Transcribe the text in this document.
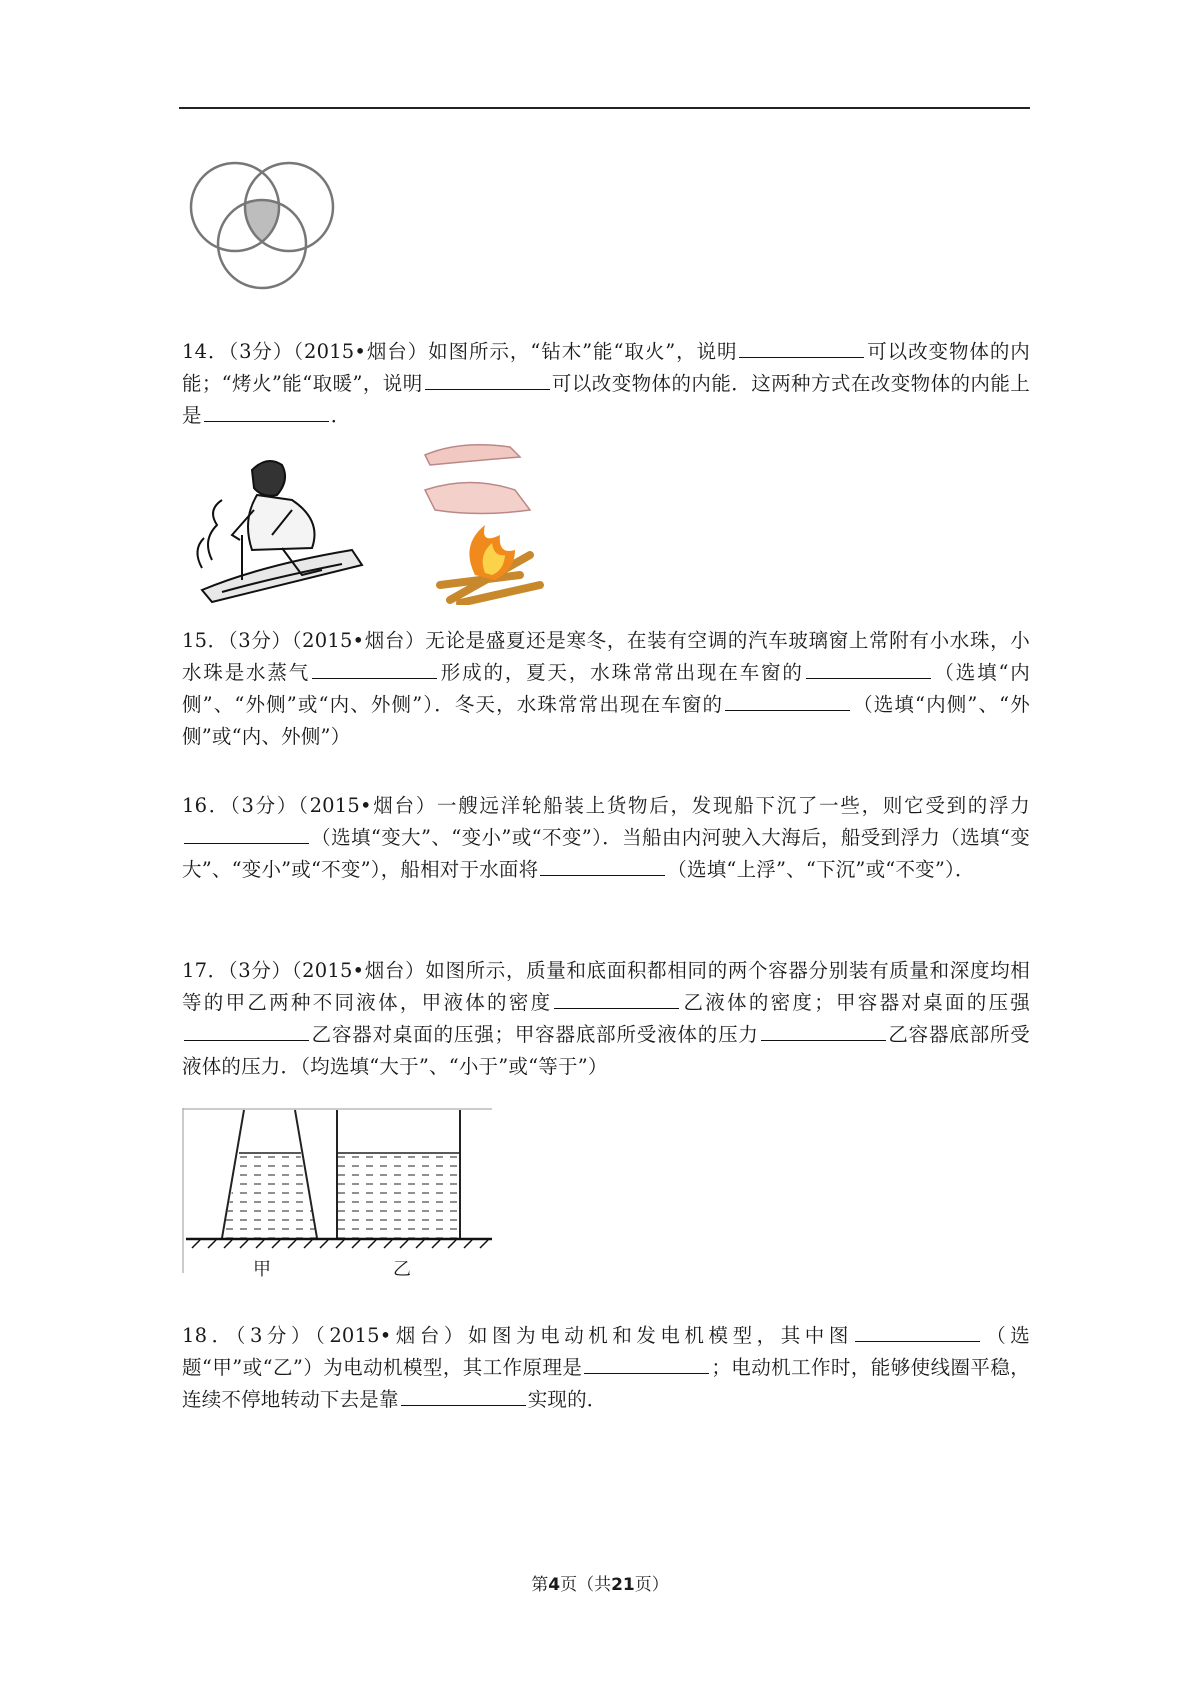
14．（3分）（2015•烟台）如图所示，“钻木”能“取火”，说明	可以改变物体的内能；“烤火”能“取暖”，说明	可以改变物体的内能．这两种方式在改变物体的内能上是	．
15．（3分）（2015•烟台）无论是盛夏还是寒冬，在装有空调的汽车玻璃窗上常附有小水珠，小水珠是水蒸气	形成的，夏天，水珠常常出现在车窗的	（选填“内侧”、“外侧”或“内、外侧”）．冬天，水珠常常出现在车窗的	（选填“内侧”、“外侧”或“内、外侧”）
16．（3分）（2015•烟台）一艘远洋轮船装上货物后，发现船下沉了一些，则它受到的浮力（选填“变大”、“变小”或“不变”）．当船由内河驶入大海后，船受到浮力（选填“变大”、“变小”或“不变”），船相对于水面将	（选填“上浮”、“下沉”或“不变”）．
17．（3分）（2015•烟台）如图所示，质量和底面积都相同的两个容器分别装有质量和深度均相等的甲乙两种不同液体，甲液体的密度	乙液体的密度；甲容器对桌面的压强乙容器对桌面的压强；甲容器底部所受液体的压力	乙容器底部所受液体的压力．（均选填“大于”、“小于”或“等于”）
甲	乙
18．（3分）（2015•烟台）如图为电动机和发电机模型，其中图	（选题“甲”或“乙”）为电动机模型，其工作原理是	；电动机工作时，能够使线圈平稳，连续不停地转动下去是靠	实现的．
第4页（共21页）
